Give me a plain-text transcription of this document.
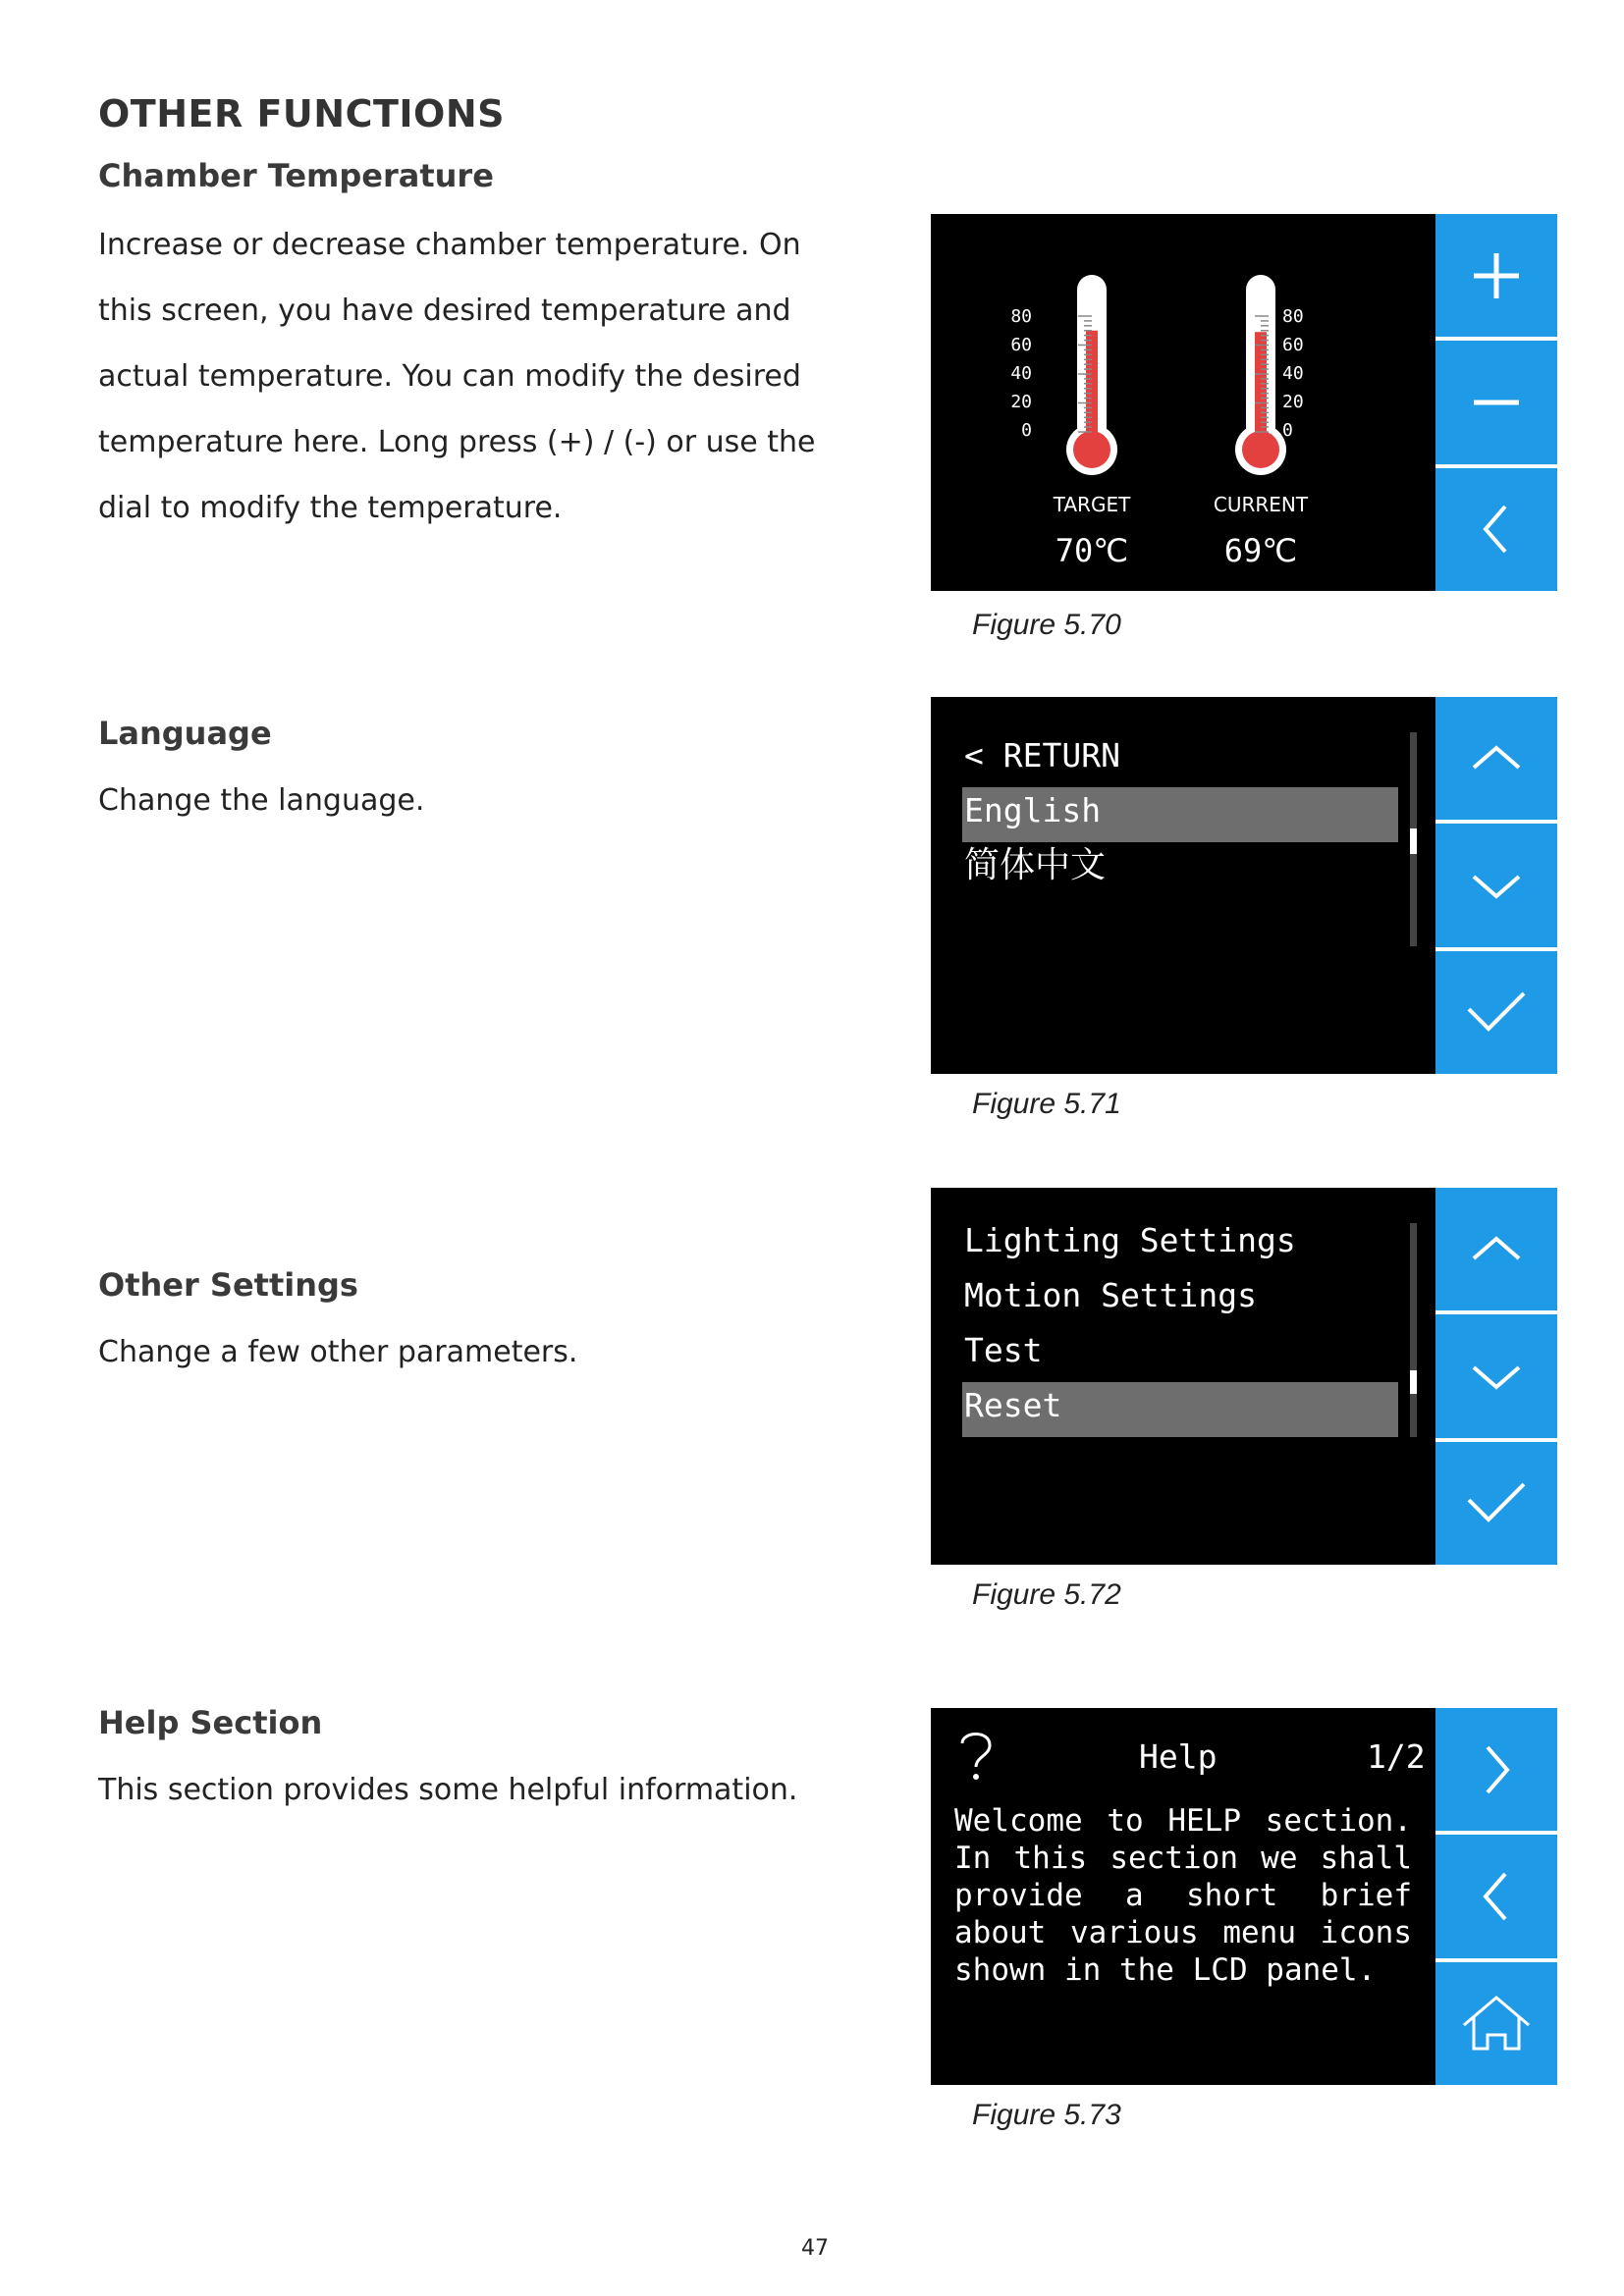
OTHER FUNCTIONS
Chamber Temperature
Increase or decrease chamber temperature. On
this screen, you have desired temperature and
actual temperature. You can modify the desired
temperature here. Long press (+) / (-) or use the
dial to modify the temperature.
Language
Change the language.
Other Settings
Change a few other parameters.
Help Section
This section provides some helpful information.
80
60
40
20
0
80
60
40
20
0
TARGET
70℃
CURRENT
69℃
Figure 5.70
< RETURN
English
简体中文
Figure 5.71
Lighting Settings
Motion Settings
Test
Reset
Figure 5.72
Help	1/2
Welcome to HELP section.
In this section we shall
provide a short brief
about various menu icons
shown in the LCD panel.
Figure 5.73
47
